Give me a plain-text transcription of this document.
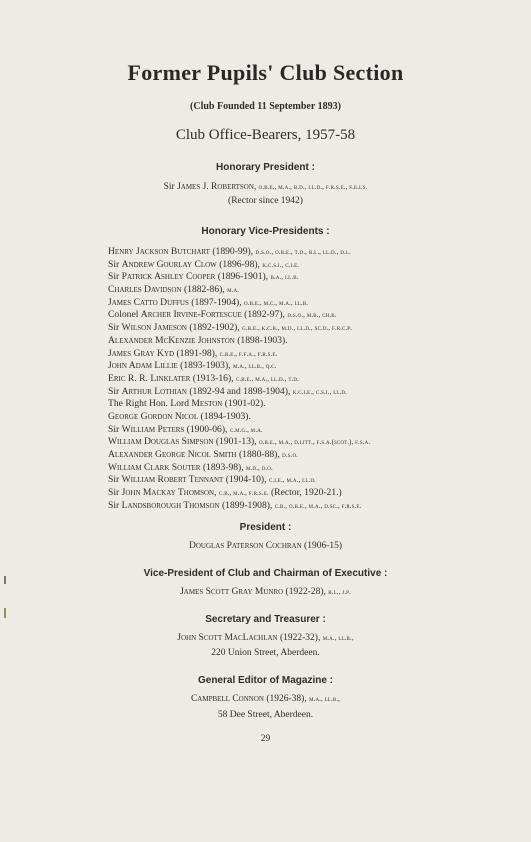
Former Pupils' Club Section
(Club Founded 11 September 1893)
Club Office-Bearers, 1957-58
Honorary President :
Sir James J. Robertson, o.b.e., m.a., b.d., ll.d., f.r.s.e., f.e.i.s.
(Rector since 1942)
Honorary Vice-Presidents :
Henry Jackson Butchart (1890-99), d.s.o., o.b.e., t.d., b.l., ll.d., d.l.
Sir Andrew Gourlay Clow (1896-98), k.c.s.i., c.i.e.
Sir Patrick Ashley Cooper (1896-1901), b.a., ll.b.
Charles Davidson (1882-86), m.a.
James Catto Duffus (1897-1904), o.b.e., m.c., m.a., ll.b.
Colonel Archer Irvine-Fortescue (1892-97), d.s.o., m.b., ch.b.
Sir Wilson Jameson (1892-1902), g.b.e., k.c.b., m.d., ll.d., sc.d., f.r.c.p.
Alexander McKenzie Johnston (1898-1903).
James Gray Kyd (1891-98), c.b.e., f.f.a., f.r.s.e.
John Adam Lillie (1893-1903), m.a., ll.b., q.c.
Eric R. R. Linklater (1913-16), c.b.e., m.a., ll.d., t.d.
Sir Arthur Lothian (1892-94 and 1898-1904), k.c.i.e., c.s.i., ll.d.
The Right Hon. Lord Meston (1901-02).
George Gordon Nicol (1894-1903).
Sir William Peters (1900-06), c.m.g., m.a.
William Douglas Simpson (1901-13), o.b.e., m.a., d.litt., f.s.a.(scot.), f.s.a.
Alexander George Nicol Smith (1880-88), d.s.o.
William Clark Souter (1893-98), m.d., d.o.
Sir William Robert Tennant (1904-10), c.i.e., m.a., ll.d.
Sir John Mackay Thomson, c.b., m.a., f.r.s.e. (Rector, 1920-21.)
Sir Landsborough Thomson (1899-1908), c.b., o.b.e., m.a., d.sc., f.r.s.e.
President :
Douglas Paterson Cochran (1906-15)
Vice-President of Club and Chairman of Executive :
James Scott Gray Munro (1922-28), b.l., j.p.
Secretary and Treasurer :
John Scott MacLachlan (1922-32), m.a., ll.b.,
220 Union Street, Aberdeen.
General Editor of Magazine :
Campbell Connon (1926-38), m.a., ll.b.,
58 Dee Street, Aberdeen.
29
